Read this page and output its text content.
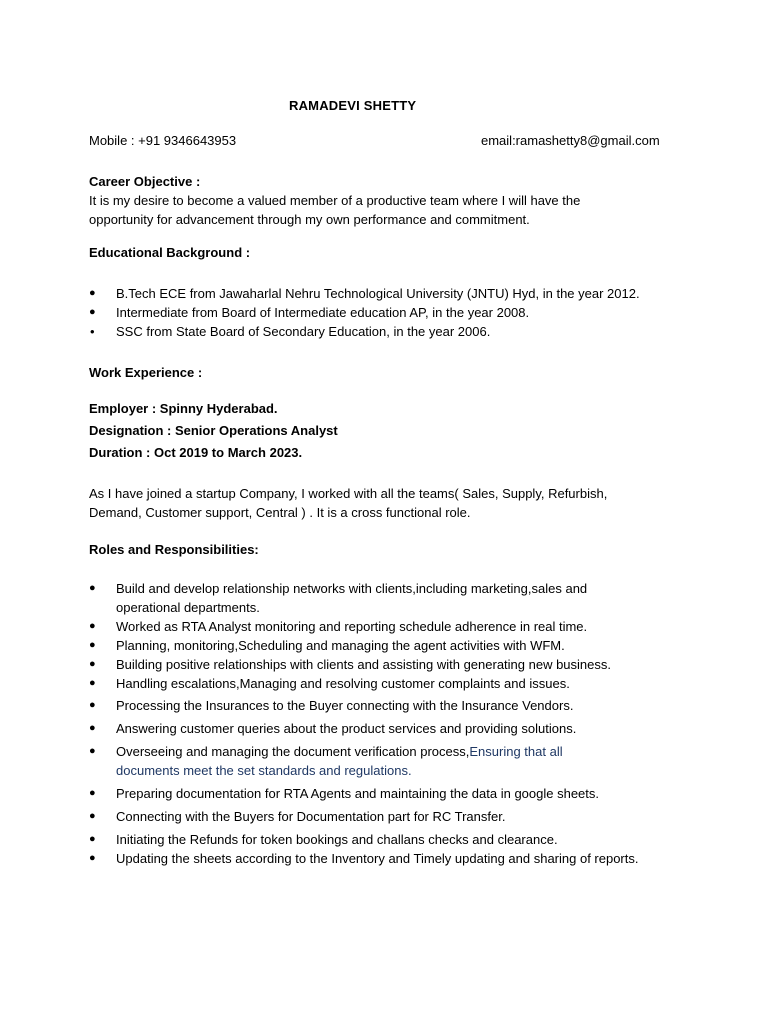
RAMADEVI SHETTY
Mobile : +91 9346643953	email:ramashetty8@gmail.com
Career Objective :
It is my desire to become a valued member of a productive team where I will have the
opportunity for advancement through my own performance and commitment.
Educational Background :
● B.Tech ECE from Jawaharlal Nehru Technological University (JNTU) Hyd, in the year 2012.
● Intermediate from Board of Intermediate education AP, in the year 2008.
• SSC from State Board of Secondary Education, in the year 2006.
Work Experience :
Employer : Spinny Hyderabad.
Designation : Senior Operations Analyst
Duration : Oct 2019 to March 2023.
As I have joined a startup Company, I worked with all the teams( Sales, Supply, Refurbish,
Demand, Customer support, Central ) . It is a cross functional role.
Roles and Responsibilities:
● Build and develop relationship networks with clients,including marketing,sales and
operational departments.
● Worked as RTA Analyst monitoring and reporting schedule adherence in real time.
● Planning, monitoring,Scheduling and managing the agent activities with WFM.
● Building positive relationships with clients and assisting with generating new business.
● Handling escalations,Managing and resolving customer complaints and issues.
● Processing the Insurances to the Buyer connecting with the Insurance Vendors.
● Answering customer queries about the product services and providing solutions.
● Overseeing and managing the document verification process,Ensuring that all
documents meet the set standards and regulations.
● Preparing documentation for RTA Agents and maintaining the data in google sheets.
● Connecting with the Buyers for Documentation part for RC Transfer.
● Initiating the Refunds for token bookings and challans checks and clearance.
● Updating the sheets according to the Inventory and Timely updating and sharing of reports.
